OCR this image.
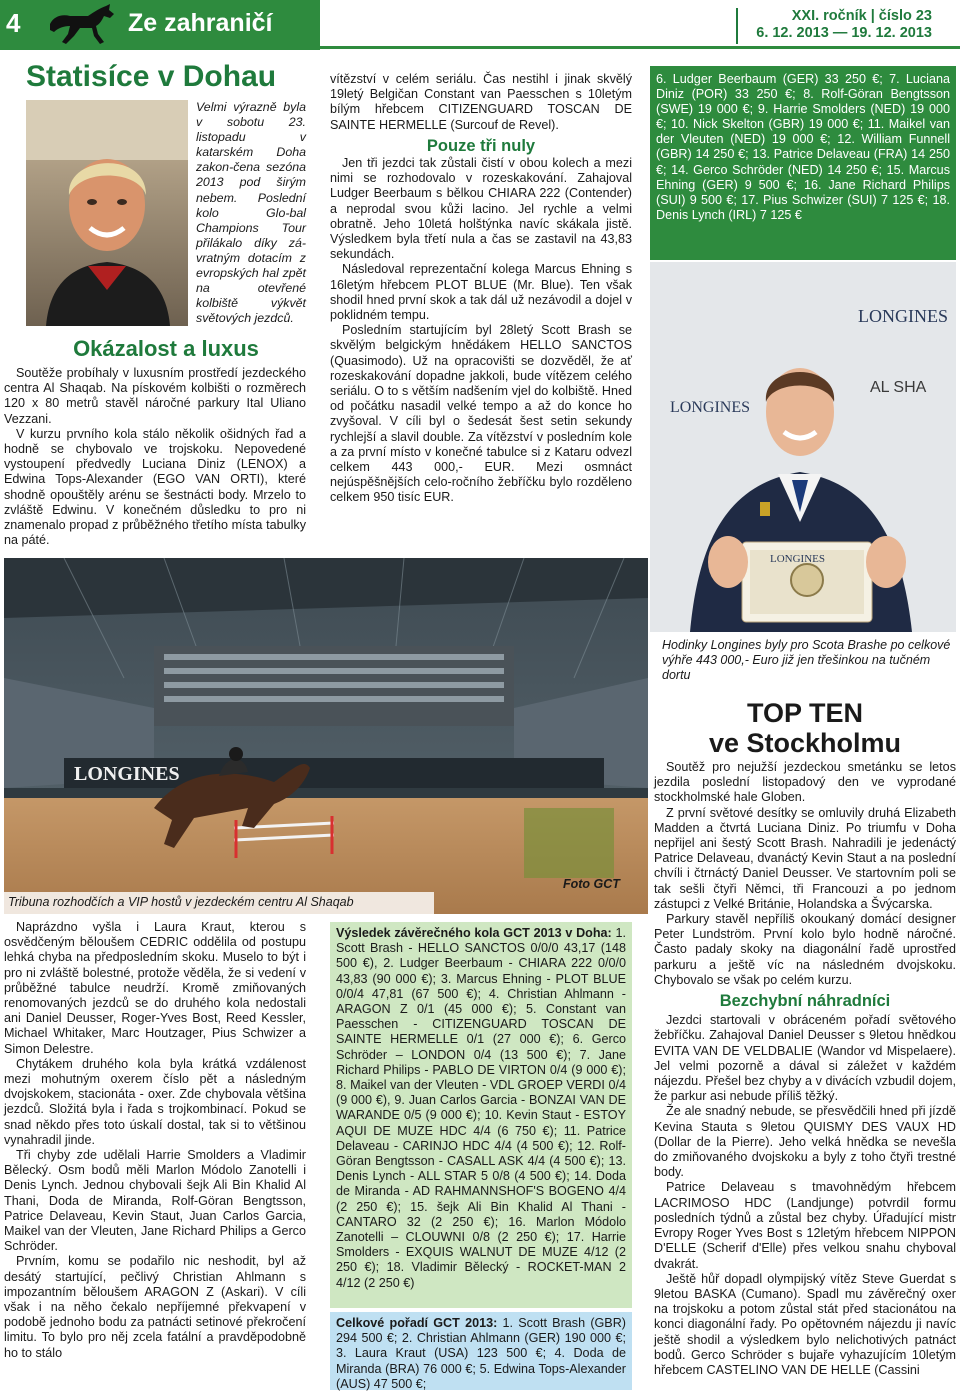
4	Ze zahraničí	XXI. ročník | číslo 23
6. 12. 2013 — 19. 12. 2013
Statisíce v Dohau
Velmi výrazně byla v sobotu 23. listopadu v katarském Doha zakon-čena sezóna 2013 pod širým nebem. Poslední kolo Glo-bal Champions Tour přilákalo díky zá-vratným dotacím z evropských hal zpět na otevřené kolbiště výkvět světových jezdců.
Okázalost a luxus

Soutěže probíhaly v luxusním prostředí jezdeckého centra Al Shaqab. Na pískovém kolbišti o rozměrech 120 x 80 metrů stavěl náročné parkury Ital Uliano Vezzani.

V kurzu prvního kola stálo několik ošidných řad a hodně se chybovalo ve trojskoku. Nepovedené vystoupení předvedly Luciana Diniz (LENOX) a Edwina Tops-Alexander (EGO VAN ORTI), které shodně opouštěly arénu se šestnácti body. Mrzelo to zvláště Edwinu. V konečném důsledku to pro ni znamenalo propad z průběžného třetího místa tabulky na páté.

vítězství v celém seriálu. Čas nestihl i jinak skvělý 19letý Belgičan Constant van Paesschen s 10letým bílým hřebcem CITIZENGUARD TOSCAN DE SAINTE HERMELLE (Surcouf de Revel).

Pouze tři nuly

Jen tři jezdci tak zůstali čistí v obou kolech a mezi nimi se rozhodovalo v rozeskakování. Zahajoval Ludger Beerbaum s bělkou CHIARA 222 (Contender) a neprodal svou kůži lacino. Jel rychle a velmi obratně. Jeho 10letá holštýnka navíc skákala jistě. Výsledkem byla třetí nula a čas se zastavil na 43,83 sekundách.

Následoval reprezentační kolega Marcus Ehning s 16letým hřebcem PLOT BLUE (Mr. Blue). Ten však shodil hned první skok a tak dál už nezávodil a dojel v poklidném tempu.

Posledním startujícím byl 28letý Scott Brash se skvělým belgickým hnědákem HELLO SANCTOS (Quasimodo). Už na opracovišti se dozvěděl, že ať rozeskakování dopadne jakkoli, bude vítězem celého seriálu. O to s větším nadšením vjel do kolbiště. Hned od počátku nasadil velké tempo a až do konce ho zvyšoval. V cíli byl o šedesát šest setin sekundy rychlejší a slavil double. Za vítězství v posledním kole a za první místo v konečné tabulce si z Kataru odvezl celkem 443 000,- EUR. Mezi osmnáct nejúspěšnějších celo-ročního žebříčku bylo rozděleno celkem 950 tisíc EUR.

6. Ludger Beerbaum (GER) 33 250 €; 7. Luciana Diniz (POR) 33 250 €; 8. Rolf-Göran Bengtsson (SWE) 19 000 €; 9. Harrie Smolders (NED) 19 000 €; 10. Nick Skelton (GBR) 19 000 €; 11. Maikel van der Vleuten (NED) 19 000 €; 12. William Funnell (GBR) 14 250 €; 13. Patrice Delaveau (FRA) 14 250 €; 14. Gerco Schröder (NED) 14 250 €; 15. Marcus Ehning (GER) 9 500 €; 16. Jane Richard Philips (SUI) 9 500 €; 17. Pius Schwizer (SUI) 7 125 €; 18. Denis Lynch (IRL) 7 125 €
LONGINES
AL SHA
LONGINES
LONGINES
Hodinky Longines byly pro Scota Brashe po celkové výhře 443 000,- Euro již jen třešinkou na tučném dortu
LONGINES
Foto GCT
Tribuna rozhodčích a VIP hostů v jezdeckém centru Al Shaqab

Naprázdno vyšla i Laura Kraut, kterou s osvědčeným běloušem CEDRIC oddělila od postupu lehká chyba na předposledním skoku. Muselo to být i pro ni zvláště bolestné, protože věděla, že si vedení v průběžné tabulce neudrží. Kromě zmiňovaných renomovaných jezdců se do druhého kola nedostali ani Daniel Deusser, Roger-Yves Bost, Reed Kessler, Michael Whitaker, Marc Houtzager, Pius Schwizer a Simon Delestre.

Chytákem druhého kola byla krátká vzdálenost mezi mohutným oxerem číslo pět a následným dvojskokem, stacionáta - oxer. Zde chybovala většina jezdců. Složitá byla i řada s trojkombinací. Pokud se snad někdo přes toto úskalí dostal, tak si to většinou vynahradil jinde.

Tři chyby zde udělali Harrie Smolders a Vladimir Bělecký. Osm bodů měli Marlon Módolo Zanotelli i Denis Lynch. Jednou chybovali šejk Ali Bin Khalid Al Thani, Doda de Miranda, Rolf-Göran Bengtsson, Patrice Delaveau, Kevin Staut, Juan Carlos Garcia, Maikel van der Vleuten, Jane Richard Philips a Gerco Schröder.

Prvním, komu se podařilo nic neshodit, byl až desátý startující, pečlivý Christian Ahlmann s impozantním běloušem ARAGON Z (Askari). V cíli však i na něho čekalo nepříjemné překvapení v podobě jednoho bodu za patnácti setinové překročení limitu. To bylo pro něj zcela fatální a pravděpodobně ho to stálo

Výsledek závěrečného kola GCT 2013 v Doha: 1. Scott Brash - HELLO SANCTOS 0/0/0 43,17 (148 500 €), 2. Ludger Beerbaum - CHIARA 222 0/0/0 43,83 (90 000 €); 3. Marcus Ehning - PLOT BLUE 0/0/4 47,81 (67 500 €); 4. Christian Ahlmann - ARAGON Z 0/1 (45 000 €); 5. Constant van Paesschen - CITIZENGUARD TOSCAN DE SAINTE HERMELLE 0/1 (27 000 €); 6. Gerco Schröder – LONDON 0/4 (13 500 €); 7. Jane Richard Philips - PABLO DE VIRTON 0/4 (9 000 €); 8. Maikel van der Vleuten - VDL GROEP VERDI 0/4 (9 000 €), 9. Juan Carlos Garcia - BONZAI VAN DE WARANDE 0/5 (9 000 €); 10. Kevin Staut - ESTOY AQUI DE MUZE HDC 4/4 (6 750 €); 11. Patrice Delaveau - CARINJO HDC 4/4 (4 500 €); 12. Rolf-Göran Bengtsson - CASALL ASK 4/4 (4 500 €); 13. Denis Lynch - ALL STAR 5 0/8 (4 500 €); 14. Doda de Miranda - AD RAHMANNSHOF'S BOGENO 4/4 (2 250 €); 15. šejk Ali Bin Khalid Al Thani - CANTARO 32 (2 250 €); 16. Marlon Módolo Zanotelli – CLOUWNI 0/8 (2 250 €); 17. Harrie Smolders - EXQUIS WALNUT DE MUZE 4/12 (2 250 €); 18. Vladimir Bělecký - ROCKET-MAN 2 4/12 (2 250 €)
Celkové pořadí GCT 2013: 1. Scott Brash (GBR) 294 500 €; 2. Christian Ahlmann (GER) 190 000 €; 3. Laura Kraut (USA) 123 500 €; 4. Doda de Miranda (BRA) 76 000 €; 5. Edwina Tops-Alexander (AUS) 47 500 €;
TOP TEN
ve Stockholmu

Soutěž pro nejužší jezdeckou smetánku se letos jezdila poslední listopadový den ve vyprodané stockholmské hale Globen.

Z první světové desítky se omluvily druhá Elizabeth Madden a čtvrtá Luciana Diniz. Po triumfu v Doha nepřijel ani šestý Scott Brash. Nahradili je jedenáctý Patrice Delaveau, dvanáctý Kevin Staut a na poslední chvíli i čtrnáctý Daniel Deusser. Ve startovním poli se tak sešli čtyři Němci, tři Francouzi a po jednom zástupci z Velké Británie, Holandska a Švýcarska.

Parkury stavěl nepříliš okoukaný domácí designer Peter Lundström. První kolo bylo hodně náročné. Často padaly skoky na diagonální řadě uprostřed parkuru a ještě víc na následném dvojskoku. Chybovalo se však po celém kurzu.

Bezchybní náhradníci

Jezdci startovali v obráceném pořadí světového žebříčku. Zahajoval Daniel Deusser s 9letou hnědkou EVITA VAN DE VELDBALIE (Wandor vd Mispelaere). Jel velmi pozorně a dával si záležet v každém nájezdu. Přešel bez chyby a v divácích vzbudil dojem, že parkur asi nebude příliš těžký.

Že ale snadný nebude, se přesvědčili hned při jízdě Kevina Stauta s 9letou QUISMY DES VAUX HD (Dollar de la Pierre). Jeho velká hnědka se nevešla do zmiňovaného dvojskoku a byly z toho čtyři trestné body.

Patrice Delaveau s tmavohnědým hřebcem LACRIMOSO HDC (Landjunge) potvrdil formu posledních týdnů a zůstal bez chyby. Úřadující mistr Evropy Roger Yves Bost s 12letým hřebcem NIPPON D'ELLE (Scherif d'Elle) přes velkou snahu chyboval dvakrát.

Ještě hůř dopadl olympijský vítěz Steve Guerdat s 9letou BASKA (Cumano). Spadl mu závěrečný oxer na trojskoku a potom zůstal stát před stacionátou na konci diagonální řady. Po opětovném nájezdu ji navíc ještě shodil a výsledkem bylo nelichotivých patnáct bodů. Gerco Schröder s bujaře vyhazujícím 10letým hřebcem CASTELINO VAN DE HELLE (Cassini
